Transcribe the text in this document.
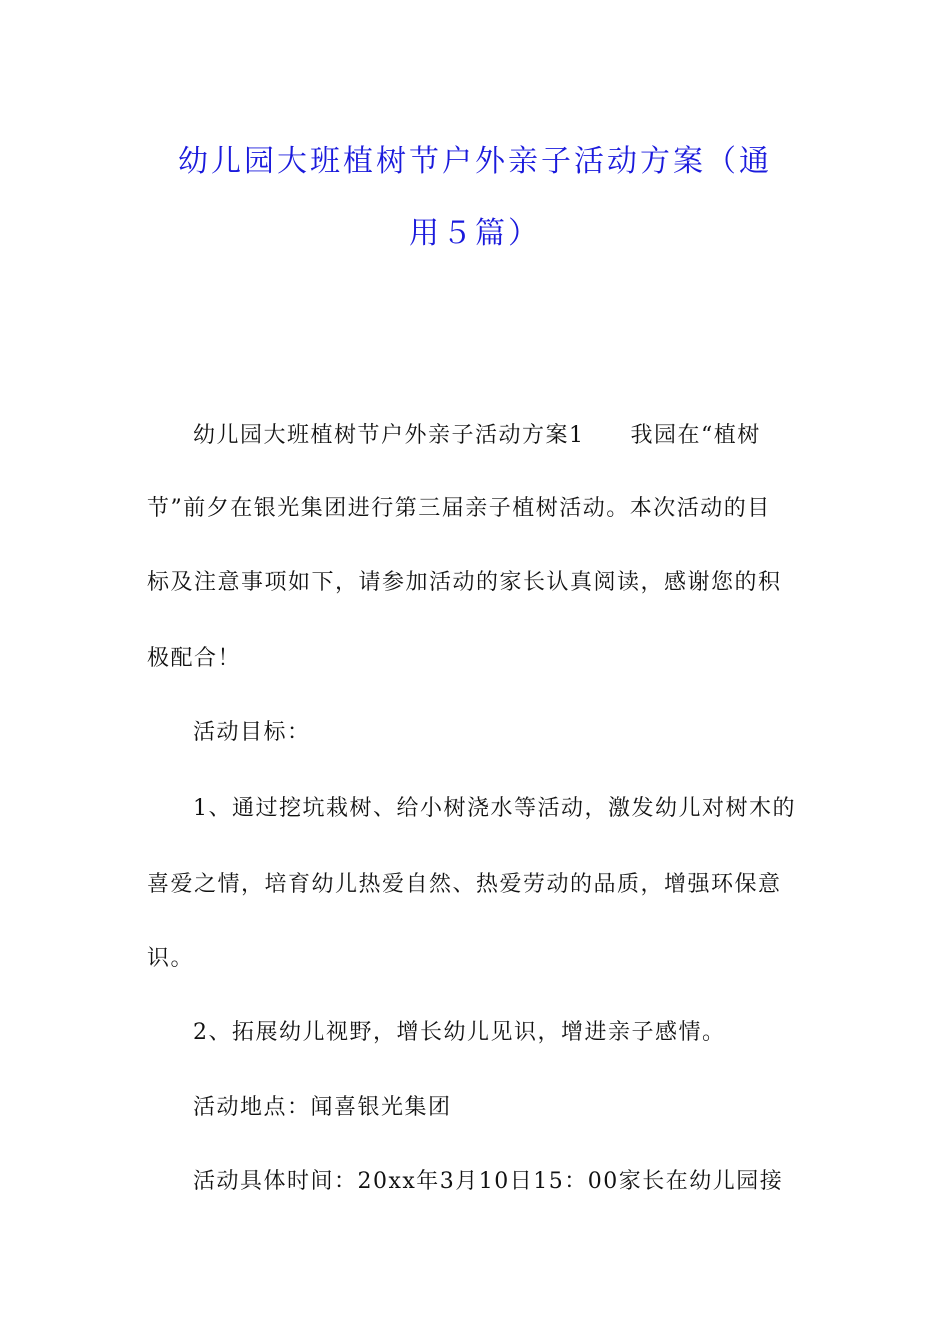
幼儿园大班植树节户外亲子活动方案（通
用５篇）
幼儿园大班植树节户外亲子活动方案1 我园在“植树
节”前夕在银光集团进行第三届亲子植树活动。本次活动的目
标及注意事项如下，请参加活动的家长认真阅读，感谢您的积
极配合！
活动目标：
1、通过挖坑栽树、给小树浇水等活动，激发幼儿对树木的
喜爱之情，培育幼儿热爱自然、热爱劳动的品质，增强环保意
识。
2、拓展幼儿视野，增长幼儿见识，增进亲子感情。
活动地点：闻喜银光集团
活动具体时间：20xx年3月10日15：00家长在幼儿园接
